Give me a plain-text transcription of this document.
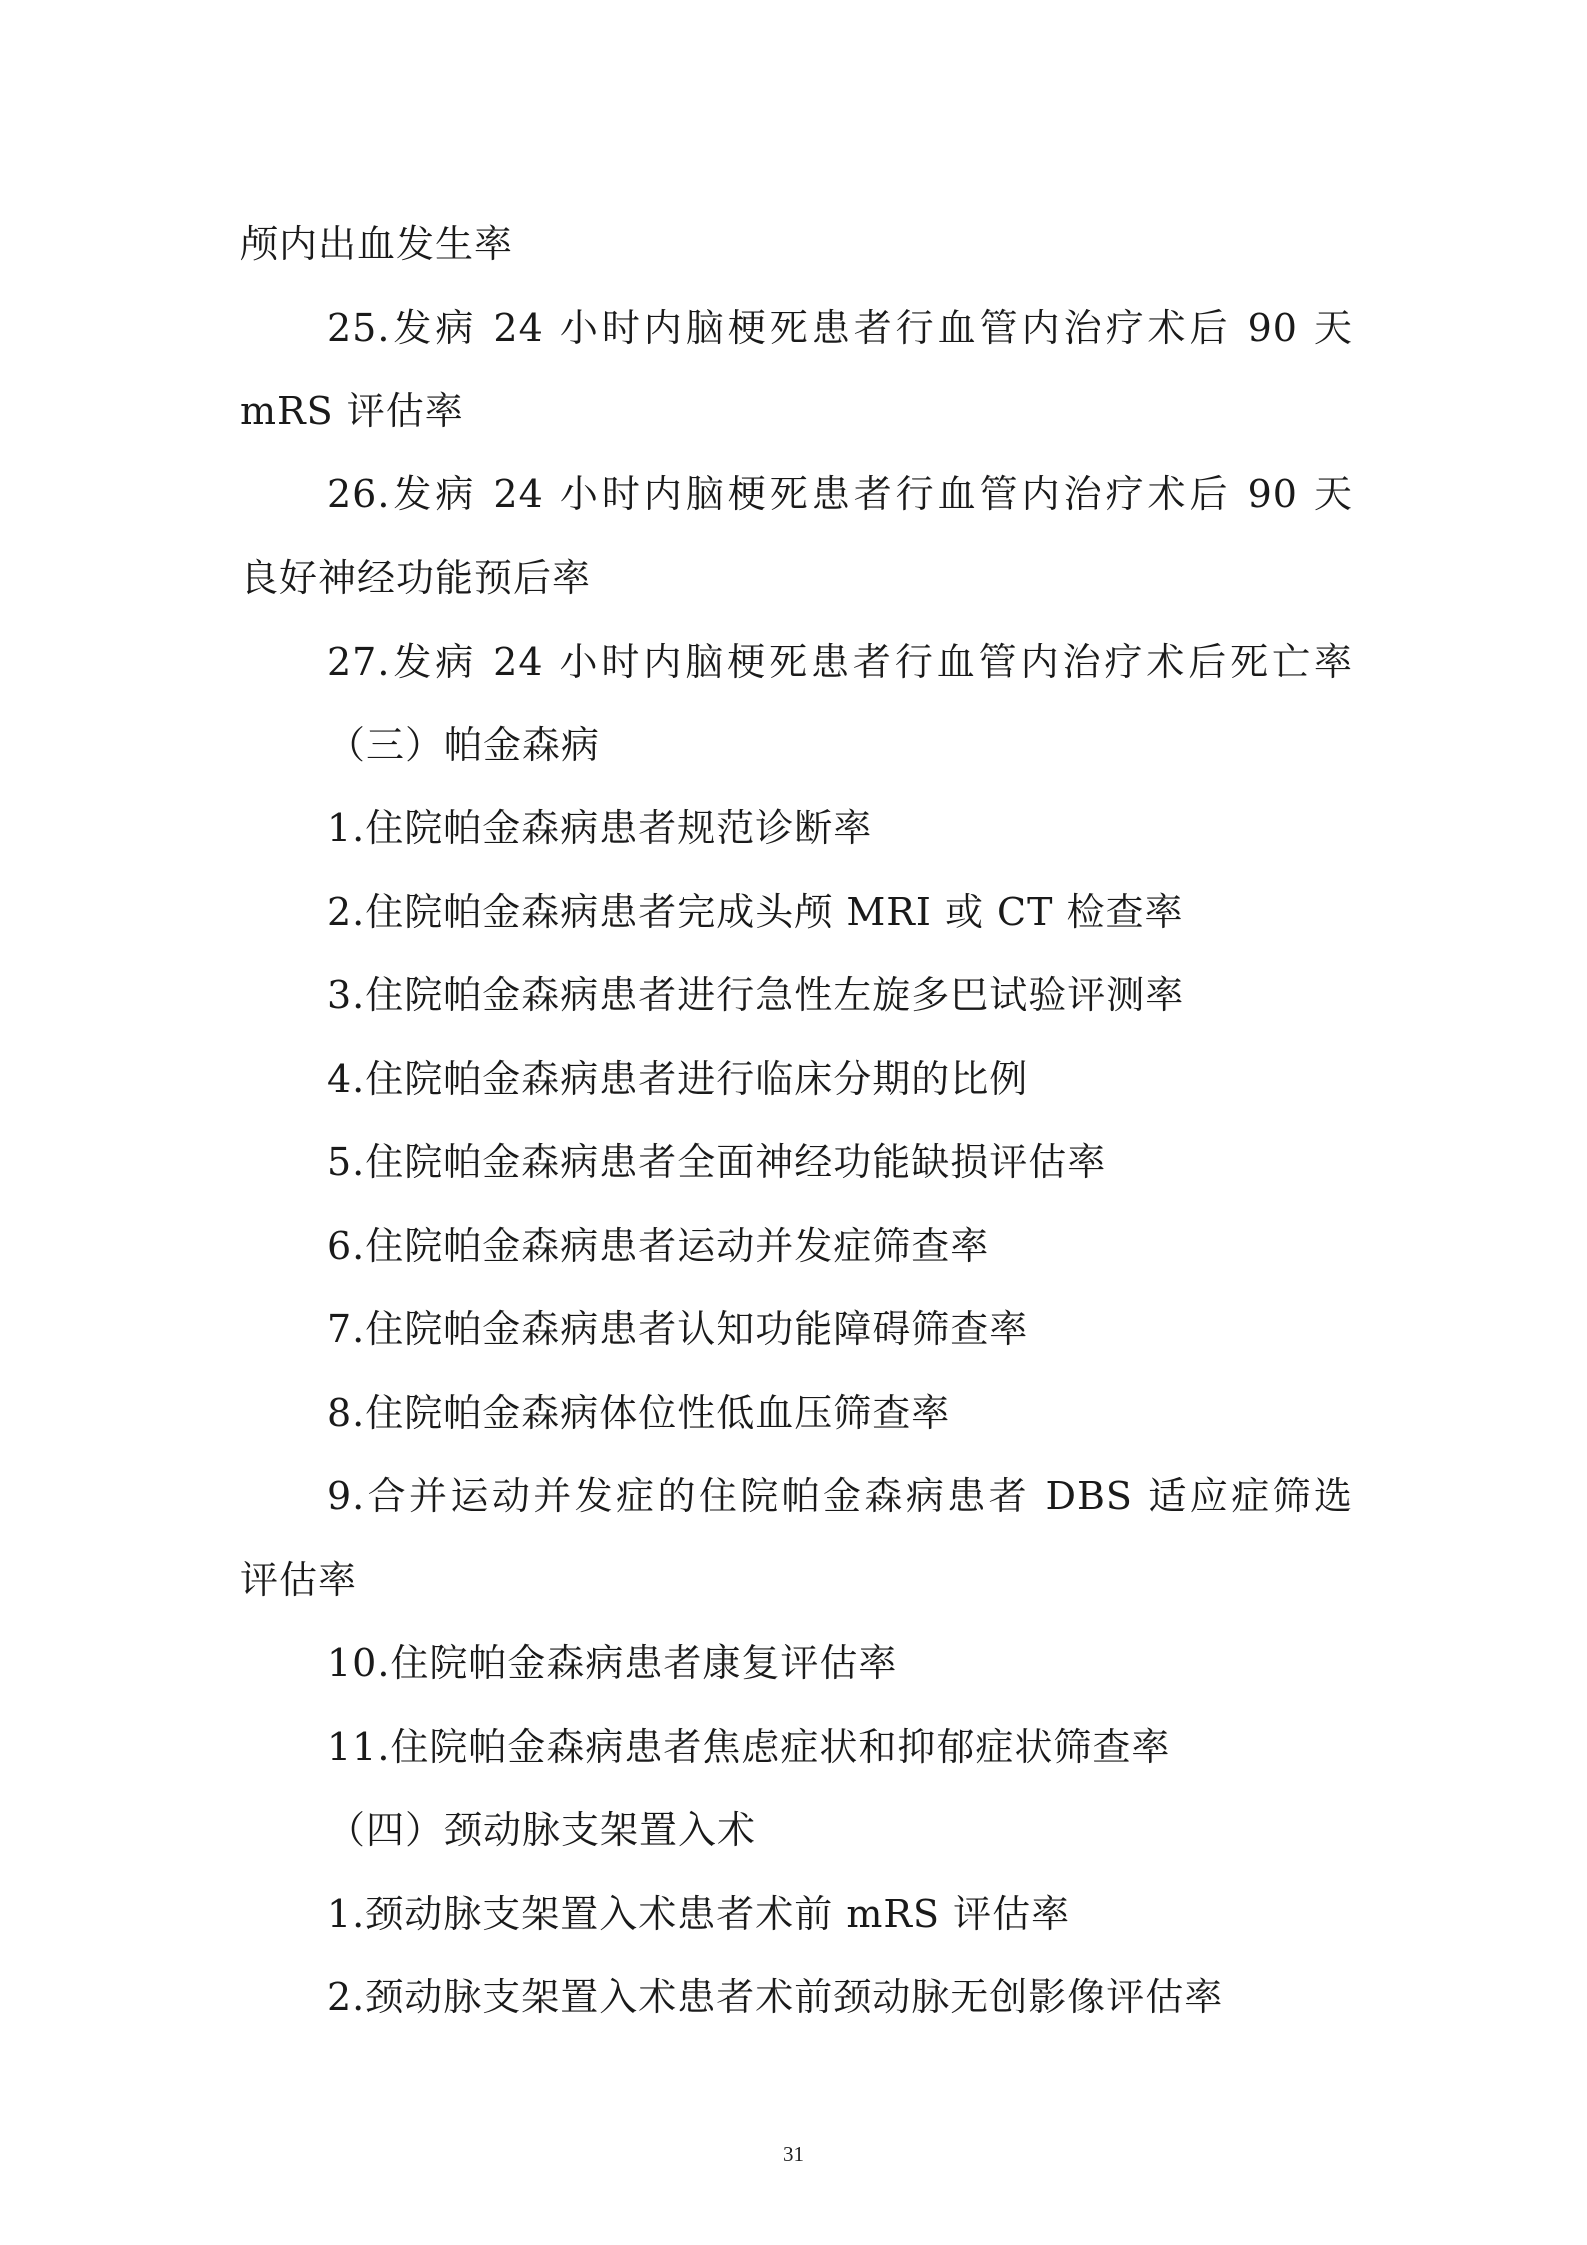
颅内出血发生率
25.发病 24 小时内脑梗死患者行血管内治疗术后 90 天
mRS 评估率
26.发病 24 小时内脑梗死患者行血管内治疗术后 90 天
良好神经功能预后率
27.发病 24 小时内脑梗死患者行血管内治疗术后死亡率
（三）帕金森病
1.住院帕金森病患者规范诊断率
2.住院帕金森病患者完成头颅 MRI 或 CT 检查率
3.住院帕金森病患者进行急性左旋多巴试验评测率
4.住院帕金森病患者进行临床分期的比例
5.住院帕金森病患者全面神经功能缺损评估率
6.住院帕金森病患者运动并发症筛查率
7.住院帕金森病患者认知功能障碍筛查率
8.住院帕金森病体位性低血压筛查率
9.合并运动并发症的住院帕金森病患者 DBS 适应症筛选
评估率
10.住院帕金森病患者康复评估率
11.住院帕金森病患者焦虑症状和抑郁症状筛查率
（四）颈动脉支架置入术
1.颈动脉支架置入术患者术前 mRS 评估率
2.颈动脉支架置入术患者术前颈动脉无创影像评估率
31
